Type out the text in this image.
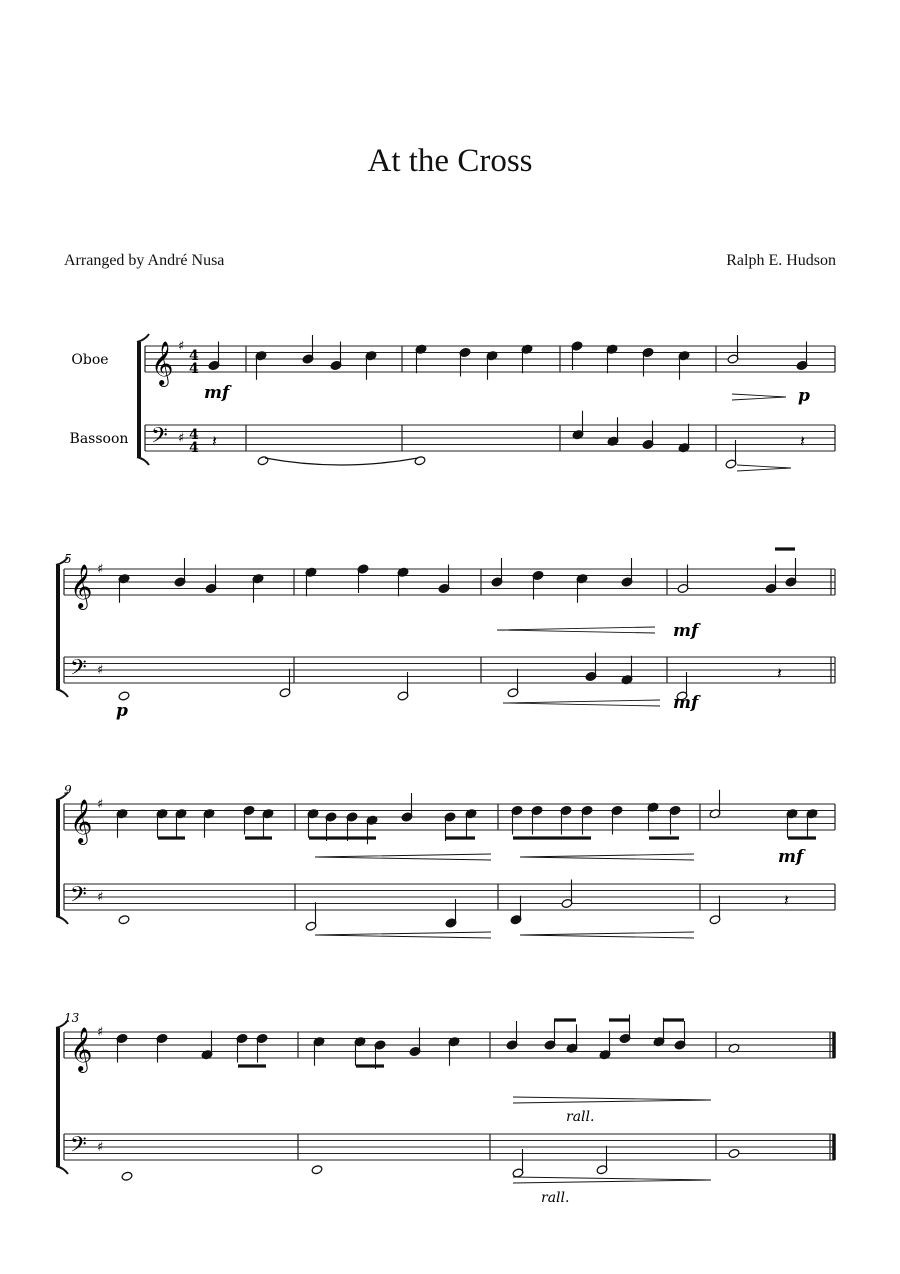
At the Cross
Arranged by André Nusa	Ralph E. Hudson
Oboe
Bassoon
5
9
13
𝄞 ♯
4
4
𝄢 ♯ 4
4
𝄞 ♯
𝄢 ♯
𝄞 ♯
𝄢 ♯
𝄞 ♯
𝄢 ♯
𝄽	𝄽
𝄽
𝄽
mf	p
p
mf
mf
mf
rall.
rall.
